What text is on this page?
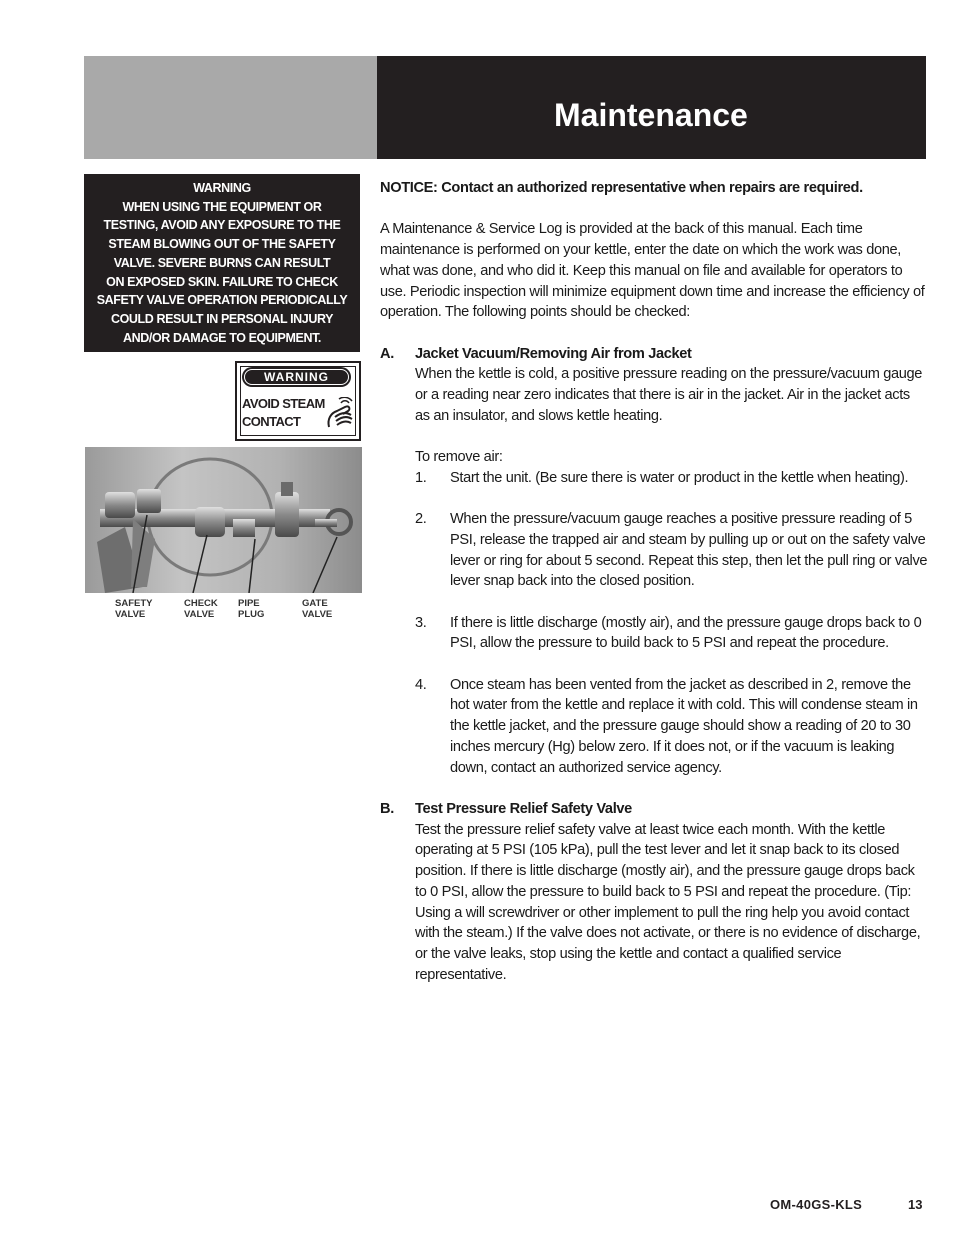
Maintenance
WARNING
WHEN USING THE EQUIPMENT OR
TESTING, AVOID ANY EXPOSURE TO THE
STEAM BLOWING OUT OF THE SAFETY
VALVE. SEVERE BURNS CAN RESULT
ON EXPOSED SKIN. FAILURE TO CHECK
SAFETY VALVE OPERATION PERIODICALLY
COULD RESULT IN PERSONAL INJURY
AND/OR DAMAGE TO EQUIPMENT.
WARNING
AVOID STEAM
CONTACT
SAFETY
VALVE
CHECK
VALVE
PIPE
PLUG
GATE
VALVE

NOTICE: Contact an authorized representative when repairs are required.

A Maintenance & Service Log is provided at the back of this manual. Each time maintenance is performed on your kettle, enter the date on which the work was done, what was done, and who did it. Keep this manual on file and available for operators to use. Periodic inspection will minimize equipment down time and increase the efficiency of operation. The following points should be checked:

A. Jacket Vacuum/Removing Air from Jacket

When the kettle is cold, a positive pressure reading on the pressure/vacuum gauge or a reading near zero indicates that there is air in the jacket. Air in the jacket acts as an insulator, and slows kettle heating.

To remove air:

1. Start the unit. (Be sure there is water or product in the kettle when heating).

2. When the pressure/vacuum gauge reaches a positive pressure reading of 5 PSI, release the trapped air and steam by pulling up or out on the safety valve lever or ring for about 5 second. Repeat this step, then let the pull ring or valve lever snap back into the closed position.

3. If there is little discharge (mostly air), and the pressure gauge drops back to 0 PSI, allow the pressure to build back to 5 PSI and repeat the procedure.

4. Once steam has been vented from the jacket as described in 2, remove the hot water from the kettle and replace it with cold. This will condense steam in the kettle jacket, and the pressure gauge should show a reading of 20 to 30 inches mercury (Hg) below zero. If it does not, or if the vacuum is leaking down, contact an authorized service agency.

B. Test Pressure Relief Safety Valve

Test the pressure relief safety valve at least twice each month. With the kettle operating at 5 PSI (105 kPa), pull the test lever and let it snap back to its closed position. If there is little discharge (mostly air), and the pressure gauge drops back to 0 PSI, allow the pressure to build back to 5 PSI and repeat the procedure. (Tip: Using a will screwdriver or other implement to pull the ring help you avoid contact with the steam.) If the valve does not activate, or there is no evidence of discharge, or the valve leaks, stop using the kettle and contact a qualified service representative.

OM-40GS-KLS	13
